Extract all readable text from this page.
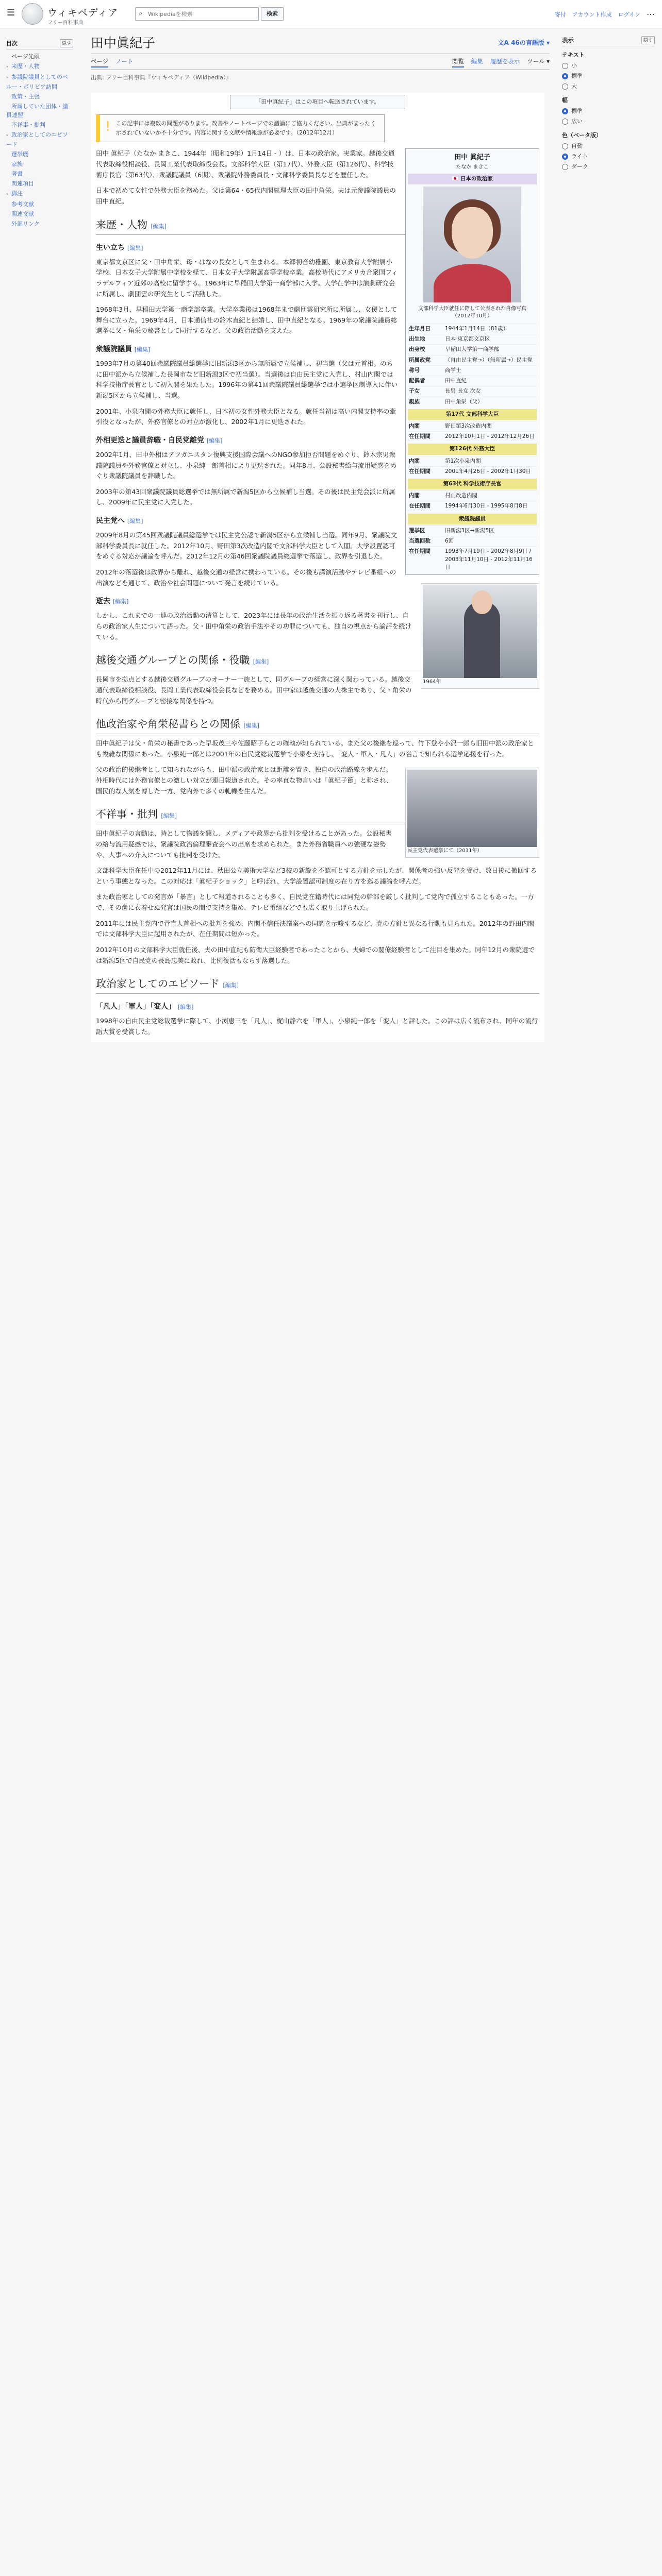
☰	ウィキペディア
フリー百科事典
⌕
Wikipediaを検索	検索	寄付 アカウント作成 ログイン ⋯
目次	隠す
ページ先頭
› 来歴・人物
› 参議院議員としてのペルー・ボリビア訪問
政策・主張
所属していた団体・議員連盟
不祥事・批判
› 政治家としてのエピソード
選挙歴
家族
著書
関連項目
› 脚注
参考文献
関連文献
外部リンク
田中眞紀子	文A 46の言語版 ▾
ページ ノート	閲覧 編集 履歴を表示 ツール ▾
出典: フリー百科事典『ウィキペディア（Wikipedia）』
表示	隠す
テキスト
小
標準
大
幅
標準
広い
色（ベータ版）
自動
ライト
ダーク
「田中真紀子」はこの項目へ転送されています。
! この記事には複数の問題があります。改善やノートページでの議論にご協力ください。出典がまったく示されていないか不十分です。内容に関する文献や情報源が必要です。（2012年12月）
田中 眞紀子
たなか まきこ
🇯🇵 日本の政治家
文部科学大臣就任に際して公表された肖像写真（2012年10月）
生年月日	1944年1月14日（81歳）
出生地	日本 東京都文京区
出身校	早稲田大学第一商学部
所属政党	（自由民主党→）（無所属→）民主党
称号	商学士
配偶者	田中直紀
子女	長男 長女 次女
親族	田中角栄（父）
第17代 文部科学大臣
内閣	野田第3次改造内閣
在任期間	2012年10月1日 - 2012年12月26日
第126代 外務大臣
内閣	第1次小泉内閣
在任期間	2001年4月26日 - 2002年1月30日
第63代 科学技術庁長官
内閣	村山改造内閣
在任期間	1994年6月30日 - 1995年8月8日
衆議院議員
選挙区	旧新潟3区→新潟5区
当選回数	6回
在任期間	1993年7月19日 - 2002年8月9日 / 2003年11月10日 - 2012年11月16日

田中 眞紀子（たなか まきこ、1944年（昭和19年）1月14日 - ）は、日本の政治家。実業家。越後交通代表取締役相談役、長岡工業代表取締役会長。文部科学大臣（第17代）、外務大臣（第126代）、科学技術庁長官（第63代）、衆議院議員（6期）、衆議院外務委員長・文部科学委員長などを歴任した。

日本で初めて女性で外務大臣を務めた。父は第64・65代内閣総理大臣の田中角栄。夫は元参議院議員の田中直紀。

1964年
来歴・人物 [編集]
生い立ち [編集]

東京都文京区に父・田中角栄、母・はなの長女として生まれる。本郷初音幼稚園、東京教育大学附属小学校、日本女子大学附属中学校を経て、日本女子大学附属高等学校卒業。高校時代にアメリカ合衆国フィラデルフィア近郊の高校に留学する。1963年に早稲田大学第一商学部に入学。大学在学中は演劇研究会に所属し、劇団雲の研究生として活動した。

1968年3月、早稲田大学第一商学部卒業。大学卒業後は1968年まで劇団雲研究所に所属し、女優として舞台に立った。1969年4月、日本通信社の鈴木直紀と結婚し、田中直紀となる。1969年の衆議院議員総選挙に父・角栄の秘書として同行するなど、父の政治活動を支えた。

衆議院議員 [編集]

1993年7月の第40回衆議院議員総選挙に旧新潟3区から無所属で立候補し、初当選（父は元首相。のちに田中派から立候補した長岡市など旧新潟3区で初当選）。当選後は自由民主党に入党し、村山内閣では科学技術庁長官として初入閣を果たした。1996年の第41回衆議院議員総選挙では小選挙区制導入に伴い新潟5区から立候補し、当選。

2001年、小泉内閣の外務大臣に就任し、日本初の女性外務大臣となる。就任当初は高い内閣支持率の牽引役となったが、外務官僚との対立が激化し、2002年1月に更迭された。

外相更迭と議員辞職・自民党離党 [編集]

2002年1月、田中外相はアフガニスタン復興支援国際会議へのNGO参加拒否問題をめぐり、鈴木宗男衆議院議員や外務官僚と対立し、小泉純一郎首相により更迭された。同年8月、公設秘書給与流用疑惑をめぐり衆議院議員を辞職した。

2003年の第43回衆議院議員総選挙では無所属で新潟5区から立候補し当選。その後は民主党会派に所属し、2009年に民主党に入党した。

民主党へ [編集]

2009年8月の第45回衆議院議員総選挙では民主党公認で新潟5区から立候補し当選。同年9月、衆議院文部科学委員長に就任した。2012年10月、野田第3次改造内閣で文部科学大臣として入閣。大学設置認可をめぐる対応が議論を呼んだ。2012年12月の第46回衆議院議員総選挙で落選し、政界を引退した。

2012年の落選後は政界から離れ、越後交通の経営に携わっている。その後も講演活動やテレビ番組への出演などを通じて、政治や社会問題について発言を続けている。

逝去 [編集]

しかし、これまでの一連の政治活動の清算として、2023年には長年の政治生活を振り返る著書を刊行し、自らの政治家人生について語った。父・田中角栄の政治手法やその功罪についても、独自の視点から論評を続けている。

越後交通グループとの関係・役職 [編集]

長岡市を拠点とする越後交通グループのオーナー一族として、同グループの経営に深く関わっている。越後交通代表取締役相談役、長岡工業代表取締役会長などを務める。田中家は越後交通の大株主であり、父・角栄の時代から同グループと密接な関係を持つ。

他政治家や角栄秘書らとの関係 [編集]

田中眞紀子は父・角栄の秘書であった早坂茂三や佐藤昭子らとの確執が知られている。また父の後継を巡って、竹下登や小沢一郎ら旧田中派の政治家とも複雑な関係にあった。小泉純一郎とは2001年の自民党総裁選挙で小泉を支持し、「変人・軍人・凡人」の名言で知られる選挙応援を行った。

民主党代表選挙にて（2011年）

父の政治的後継者として知られながらも、田中派の政治家とは距離を置き、独自の政治路線を歩んだ。外相時代には外務官僚との激しい対立が連日報道された。その率直な物言いは「眞紀子節」と称され、国民的な人気を博した一方、党内外で多くの軋轢を生んだ。

不祥事・批判 [編集]

田中眞紀子の言動は、時として物議を醸し、メディアや政界から批判を受けることがあった。公設秘書の給与流用疑惑では、衆議院政治倫理審査会への出席を求められた。また外務省職員への強硬な姿勢や、人事への介入についても批判を受けた。

文部科学大臣在任中の2012年11月には、秋田公立美術大学など3校の新設を不認可とする方針を示したが、関係者の強い反発を受け、数日後に撤回するという事態となった。この対応は「眞紀子ショック」と呼ばれ、大学設置認可制度の在り方を巡る議論を呼んだ。

また政治家としての発言が「暴言」として報道されることも多く、自民党在籍時代には同党の幹部を厳しく批判して党内で孤立することもあった。一方で、その歯に衣着せぬ発言は国民の間で支持を集め、テレビ番組などでも広く取り上げられた。

2011年には民主党内で菅直人首相への批判を強め、内閣不信任決議案への同調を示唆するなど、党の方針と異なる行動も見られた。2012年の野田内閣では文部科学大臣に起用されたが、在任期間は短かった。

2012年10月の文部科学大臣就任後、夫の田中直紀も防衛大臣経験者であったことから、夫婦での閣僚経験者として注目を集めた。同年12月の衆院選では新潟5区で自民党の長島忠美に敗れ、比例復活もならず落選した。

政治家としてのエピソード [編集]
「凡人」「軍人」「変人」 [編集]

1998年の自由民主党総裁選挙に際して、小渕恵三を「凡人」、梶山静六を「軍人」、小泉純一郎を「変人」と評した。この評は広く流布され、同年の流行語大賞を受賞した。
